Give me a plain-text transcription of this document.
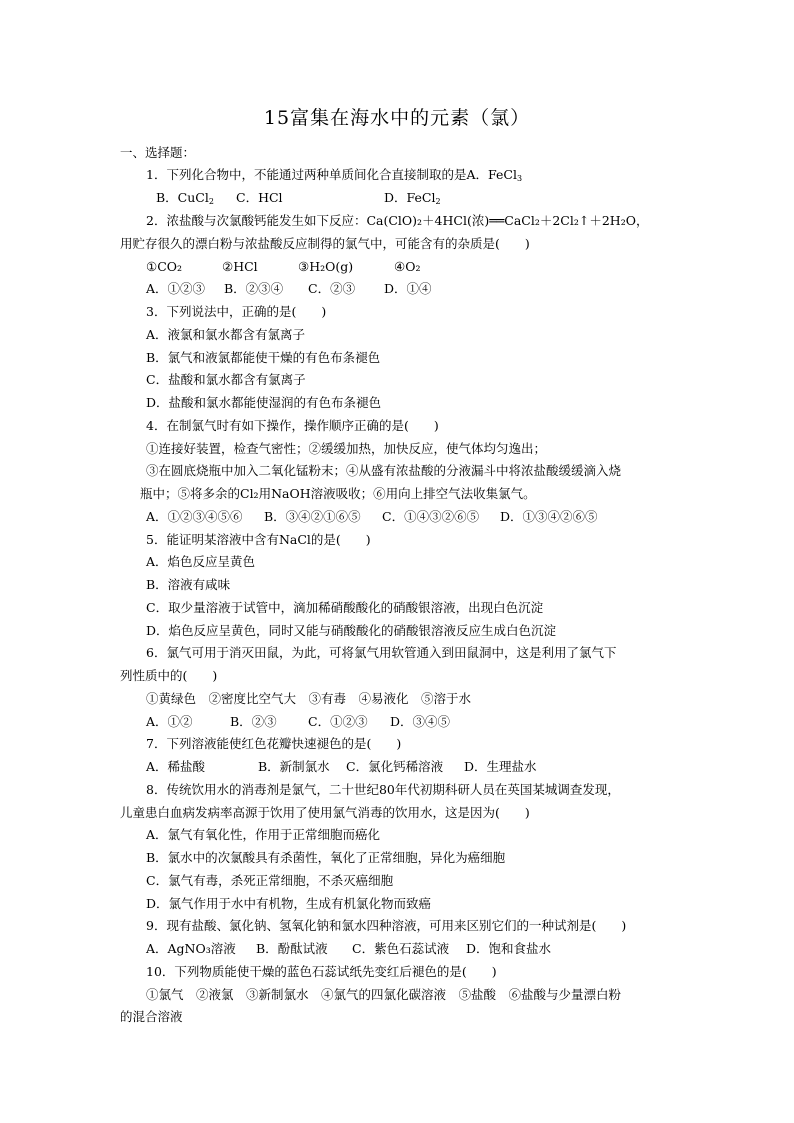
15富集在海水中的元素（氯）
一、选择题：
1．下列化合物中，不能通过两种单质间化合直接制取的是A．FeCl$_3$
B．CuCl$_2$ C．HCl	D．FeCl$_2$
2．浓盐酸与次氯酸钙能发生如下反应：Ca(ClO)₂＋4HCl(浓)══CaCl₂＋2Cl₂↑＋2H₂O，
用贮存很久的漂白粉与浓盐酸反应制得的氯气中，可能含有的杂质是(　　)
①CO₂	②HCl	③H₂O(g)	④O₂
A．①②③ B．②③④ C．②③ D．①④
3．下列说法中，正确的是(　　)
A．液氯和氯水都含有氯离子
B．氯气和液氯都能使干燥的有色布条褪色
C．盐酸和氯水都含有氯离子
D．盐酸和氯水都能使湿润的有色布条褪色
4．在制氯气时有如下操作，操作顺序正确的是(　　)
①连接好装置，检查气密性；②缓缓加热，加快反应，使气体均匀逸出；
③在圆底烧瓶中加入二氧化锰粉末；④从盛有浓盐酸的分液漏斗中将浓盐酸缓缓滴入烧
瓶中；⑤将多余的Cl₂用NaOH溶液吸收；⑥用向上排空气法收集氯气。
A．①②③④⑤⑥ B．③④②①⑥⑤ C．①④③②⑥⑤ D．①③④②⑥⑤
5．能证明某溶液中含有NaCl的是(　　)
A．焰色反应呈黄色
B．溶液有咸味
C．取少量溶液于试管中，滴加稀硝酸酸化的硝酸银溶液，出现白色沉淀
D．焰色反应呈黄色，同时又能与硝酸酸化的硝酸银溶液反应生成白色沉淀
6．氯气可用于消灭田鼠，为此，可将氯气用软管通入到田鼠洞中，这是利用了氯气下
列性质中的(　　)
①黄绿色　②密度比空气大　③有毒　④易液化　⑤溶于水
A．①②	B．②③	C．①②③ D．③④⑤
7．下列溶液能使红色花瓣快速褪色的是(　　)
A．稀盐酸	B．新制氯水 C．氯化钙稀溶液 D．生理盐水
8．传统饮用水的消毒剂是氯气，二十世纪80年代初期科研人员在英国某城调查发现，
儿童患白血病发病率高源于饮用了使用氯气消毒的饮用水，这是因为(　　)
A．氯气有氧化性，作用于正常细胞而癌化
B．氯水中的次氯酸具有杀菌性，氧化了正常细胞，异化为癌细胞
C．氯气有毒，杀死正常细胞，不杀灭癌细胞
D．氯气作用于水中有机物，生成有机氯化物而致癌
9．现有盐酸、氯化钠、氢氧化钠和氯水四种溶液，可用来区别它们的一种试剂是(　　)
A．AgNO₃溶液 B．酚酞试液 C．紫色石蕊试液 D．饱和食盐水
10．下列物质能使干燥的蓝色石蕊试纸先变红后褪色的是(　　)
①氯气　②液氯　③新制氯水　④氯气的四氯化碳溶液　⑤盐酸　⑥盐酸与少量漂白粉
的混合溶液
